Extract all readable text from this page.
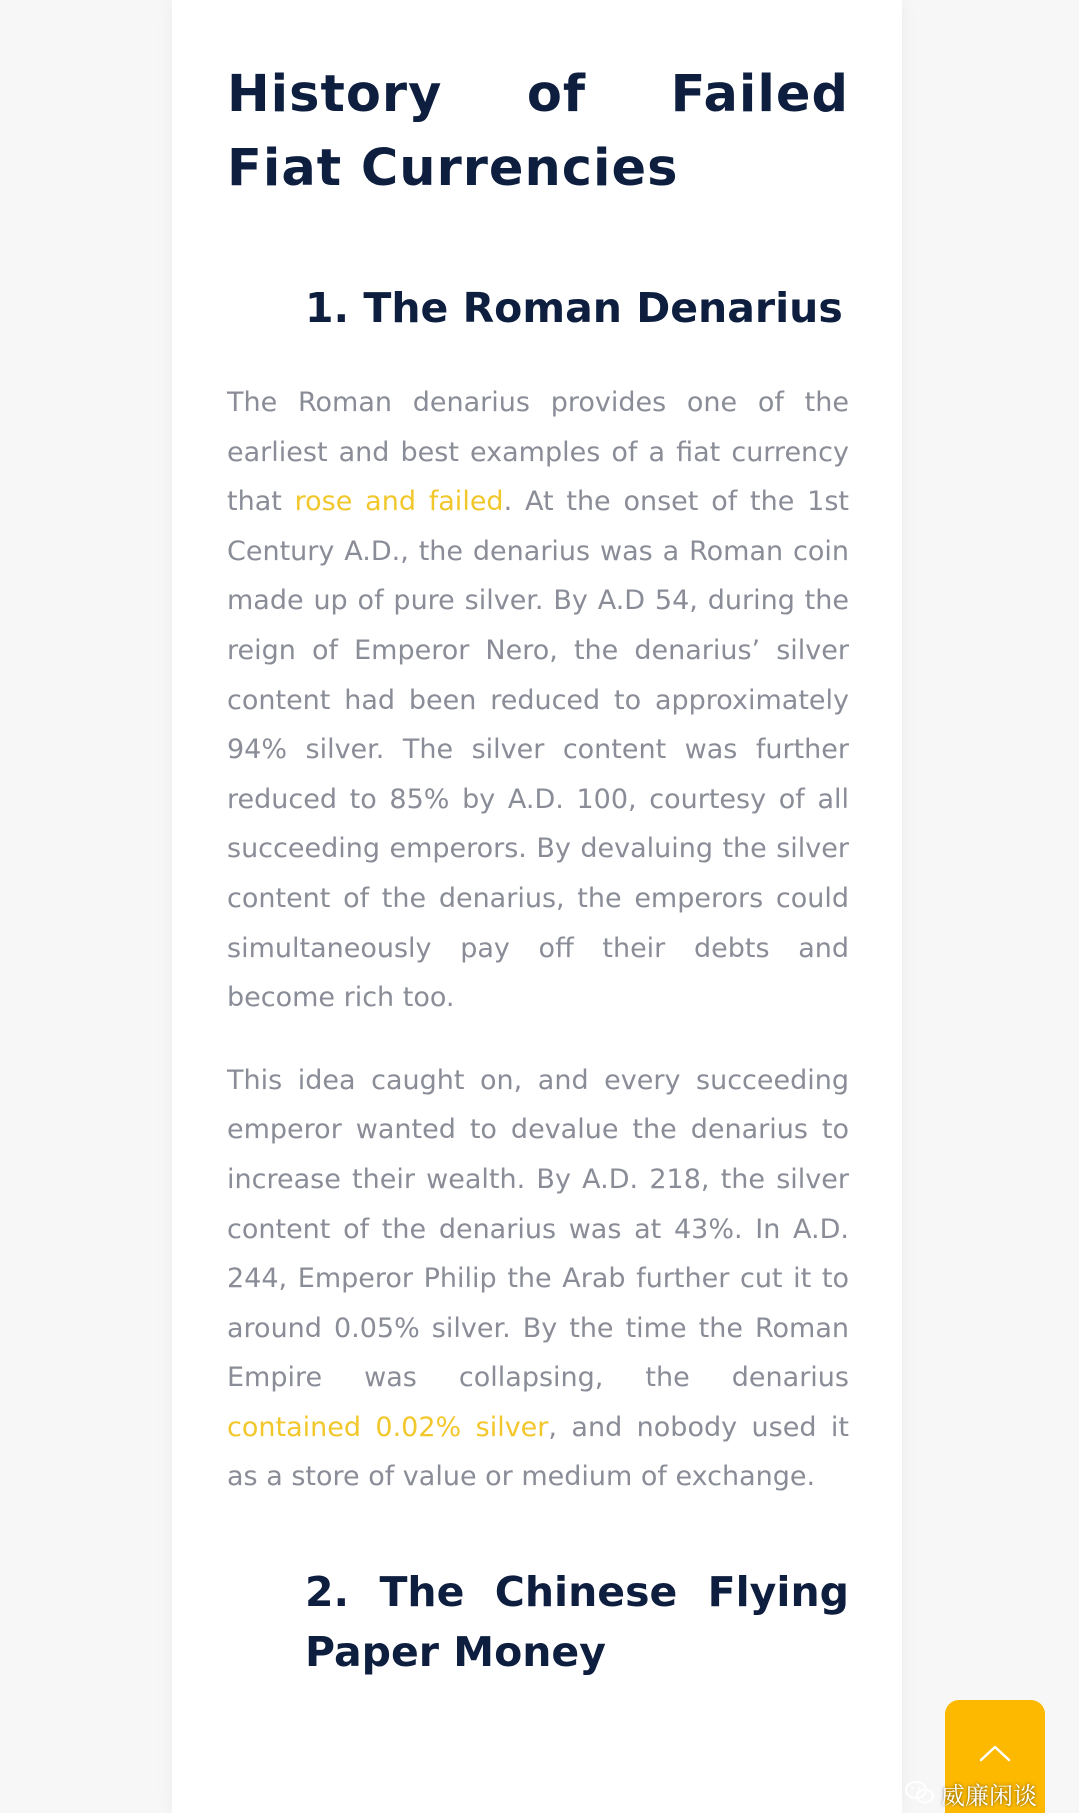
History of Failed Fiat Currencies
1. The Roman Denarius

The Roman denarius provides one of the earliest and best examples of a fiat currency that rose and failed. At the onset of the 1st Century A.D., the denarius was a Roman coin made up of pure silver. By A.D 54, during the reign of Emperor Nero, the denarius’ silver content had been reduced to approximately 94% silver. The silver content was further reduced to 85% by A.D. 100, courtesy of all succeeding emperors. By devaluing the silver content of the denarius, the emperors could simultaneously pay off their debts and become rich too.

This idea caught on, and every succeeding emperor wanted to devalue the denarius to increase their wealth. By A.D. 218, the silver content of the denarius was at 43%. In A.D. 244, Emperor Philip the Arab further cut it to around 0.05% silver. By the time the Roman Empire was collapsing, the denarius contained 0.02% silver, and nobody used it as a store of value or medium of exchange.

2. The Chinese Flying Paper Money
威廉闲谈
